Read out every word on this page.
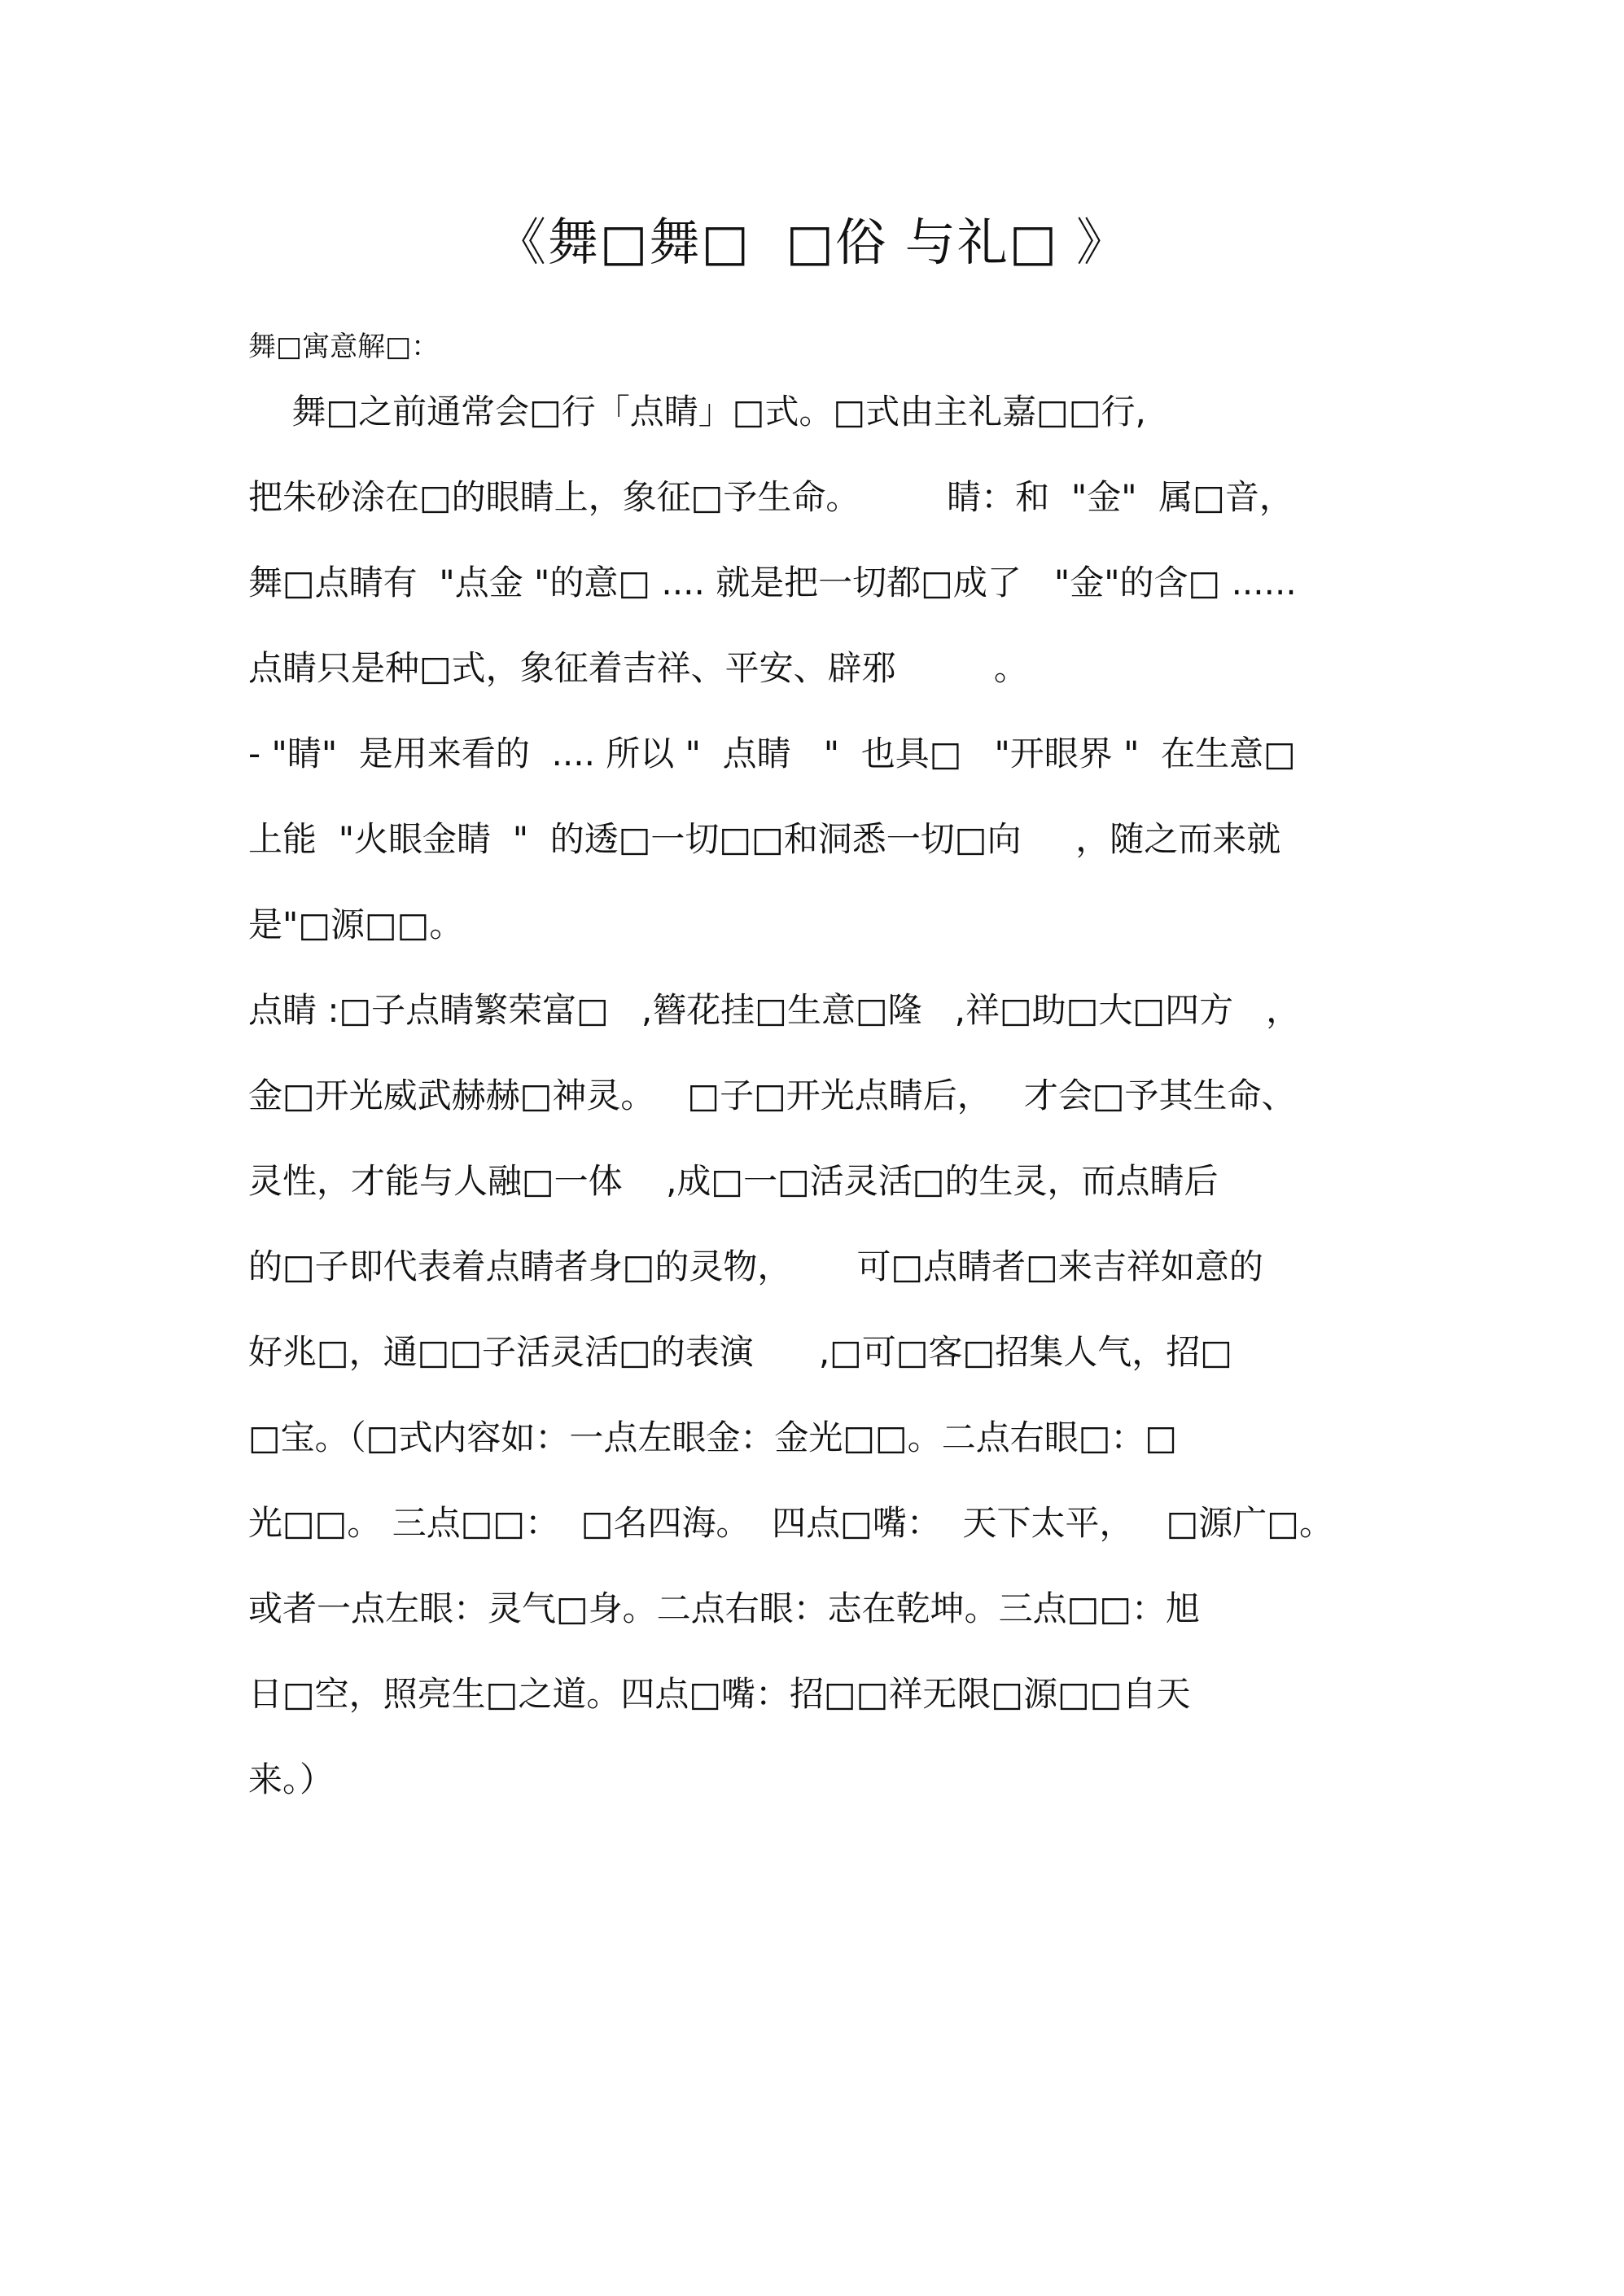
《舞□舞□  □俗 与礼□ 》
舞□寓意解□：
舞□之前通常会□行「点睛」□式。□式由主礼嘉□□行,
把朱砂涂在□的眼睛上，象征□予生命。        睛：和  "金"  属□音，
舞□点睛有  "点金 "的意□ .... 就是把一切都□成了   "金"的含□ ......
点睛只是种□式，象征着吉祥、平安、辟邪         。
- "睛"  是用来看的  .... 所以 "  点睛   "  也具□   "开眼界 "  在生意□
上能  "火眼金睛  "  的透□一切□□和洞悉一切□向     ，随之而来就
是"□源□□。
点睛 :□子点睛繁荣富□   ,簪花挂□生意□隆   ,祥□助□大□四方   ，
金□开光威武赫赫□神灵。   □子□开光点睛后，   才会□予其生命、
灵性，才能与人融□一体    ,成□一□活灵活□的生灵，而点睛后
的□子即代表着点睛者身□的灵物，      可□点睛者□来吉祥如意的
好兆□，通□□子活灵活□的表演      ,□可□客□招集人气，招□
□宝。（□式内容如：一点左眼金：金光□□。二点右眼□：□
光□□。 三点□□：  □名四海。  四点□嘴：  天下太平，   □源广□。
或者一点左眼：灵气□身。二点右眼：志在乾坤。三点□□：旭
日□空，照亮生□之道。四点□嘴：招□□祥无限□源□□自天
来。）
